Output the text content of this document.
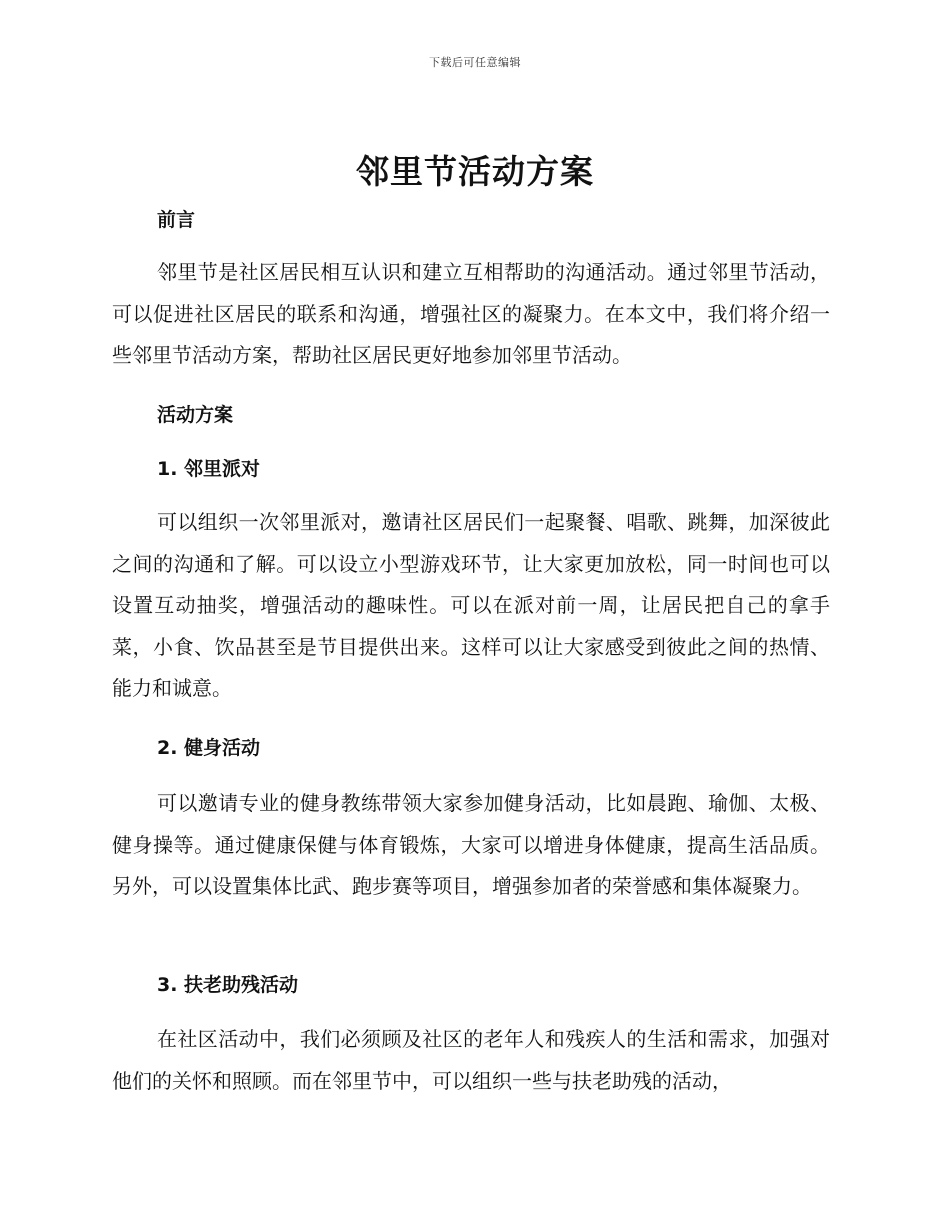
下载后可任意编辑
邻里节活动方案
前言

邻里节是社区居民相互认识和建立互相帮助的沟通活动。通过邻里节活动，可以促进社区居民的联系和沟通，增强社区的凝聚力。在本文中，我们将介绍一些邻里节活动方案，帮助社区居民更好地参加邻里节活动。

活动方案
1. 邻里派对

可以组织一次邻里派对，邀请社区居民们一起聚餐、唱歌、跳舞，加深彼此之间的沟通和了解。可以设立小型游戏环节，让大家更加放松，同一时间也可以设置互动抽奖，增强活动的趣味性。可以在派对前一周，让居民把自己的拿手菜，小食、饮品甚至是节目提供出来。这样可以让大家感受到彼此之间的热情、能力和诚意。

2. 健身活动

可以邀请专业的健身教练带领大家参加健身活动，比如晨跑、瑜伽、太极、健身操等。通过健康保健与体育锻炼，大家可以增进身体健康，提高生活品质。另外，可以设置集体比武、跑步赛等项目，增强参加者的荣誉感和集体凝聚力。

3. 扶老助残活动

在社区活动中，我们必须顾及社区的老年人和残疾人的生活和需求，加强对他们的关怀和照顾。而在邻里节中，可以组织一些与扶老助残的活动，
